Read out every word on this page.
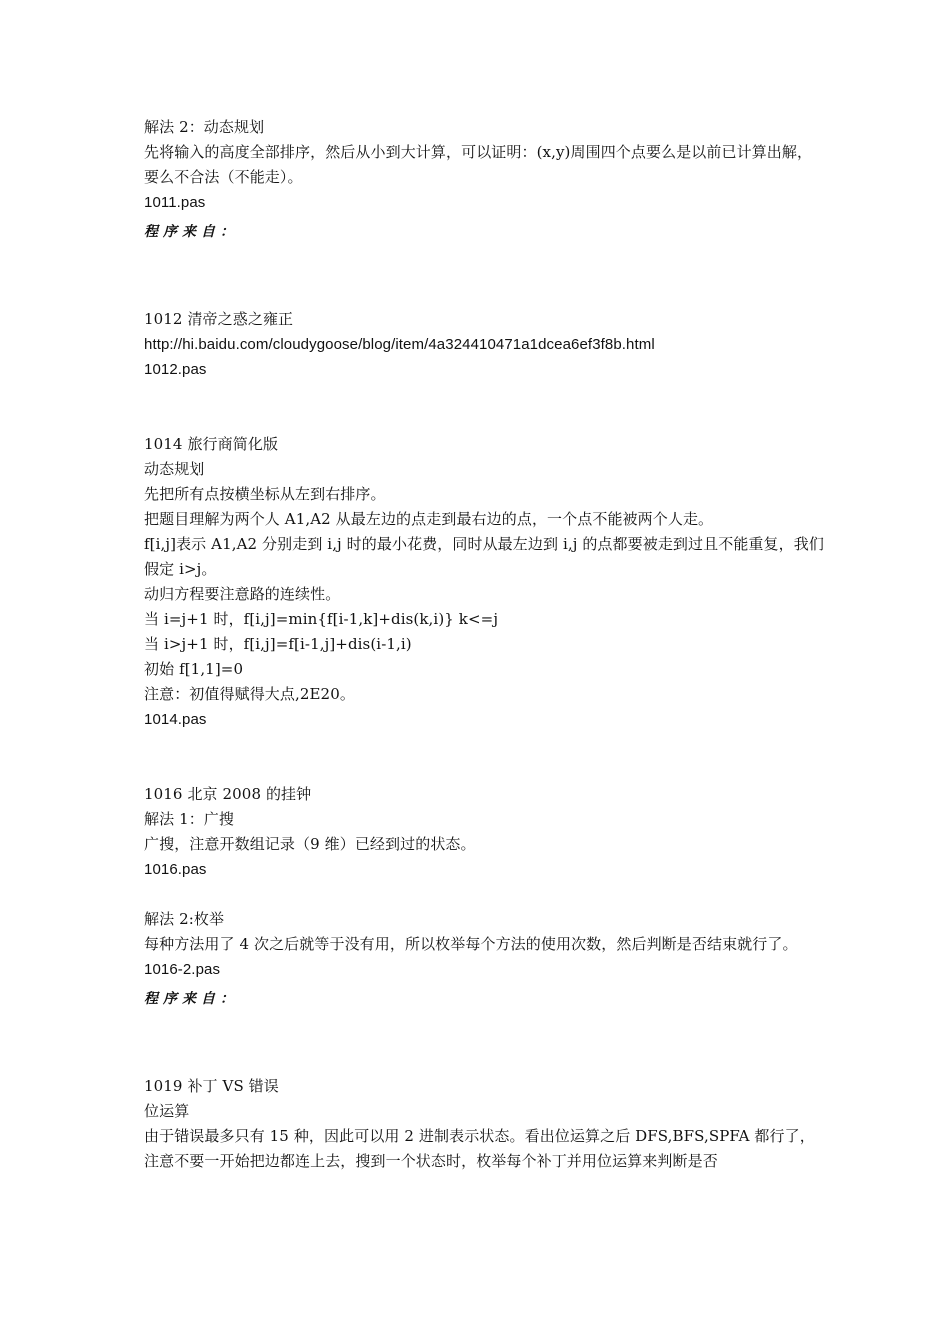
解法 2：动态规划
先将输入的高度全部排序，然后从小到大计算，可以证明：(x,y)周围四个点要么是以前已计算出解，要么不合法（不能走）。
1011.pas
程序来自：
1012 清帝之惑之雍正
http://hi.baidu.com/cloudygoose/blog/item/4a324410471a1dcea6ef3f8b.html
1012.pas
1014 旅行商简化版
动态规划
先把所有点按横坐标从左到右排序。
把题目理解为两个人 A1,A2 从最左边的点走到最右边的点，一个点不能被两个人走。
f[i,j]表示 A1,A2 分别走到 i,j 时的最小花费，同时从最左边到 i,j 的点都要被走到过且不能重复，我们假定 i>j。
动归方程要注意路的连续性。
当 i=j+1 时，f[i,j]=min{f[i-1,k]+dis(k,i)} k<=j
当 i>j+1 时，f[i,j]=f[i-1,j]+dis(i-1,i)
初始 f[1,1]=0
注意：初值得赋得大点,2E20。
1014.pas
1016 北京 2008 的挂钟
解法 1：广搜
广搜，注意开数组记录（9 维）已经到过的状态。
1016.pas
解法 2:枚举
每种方法用了 4 次之后就等于没有用，所以枚举每个方法的使用次数，然后判断是否结束就行了。
1016-2.pas
程序来自：
1019 补丁 VS 错误
位运算
由于错误最多只有 15 种，因此可以用 2 进制表示状态。看出位运算之后 DFS,BFS,SPFA 都行了，注意不要一开始把边都连上去，搜到一个状态时，枚举每个补丁并用位运算来判断是否
